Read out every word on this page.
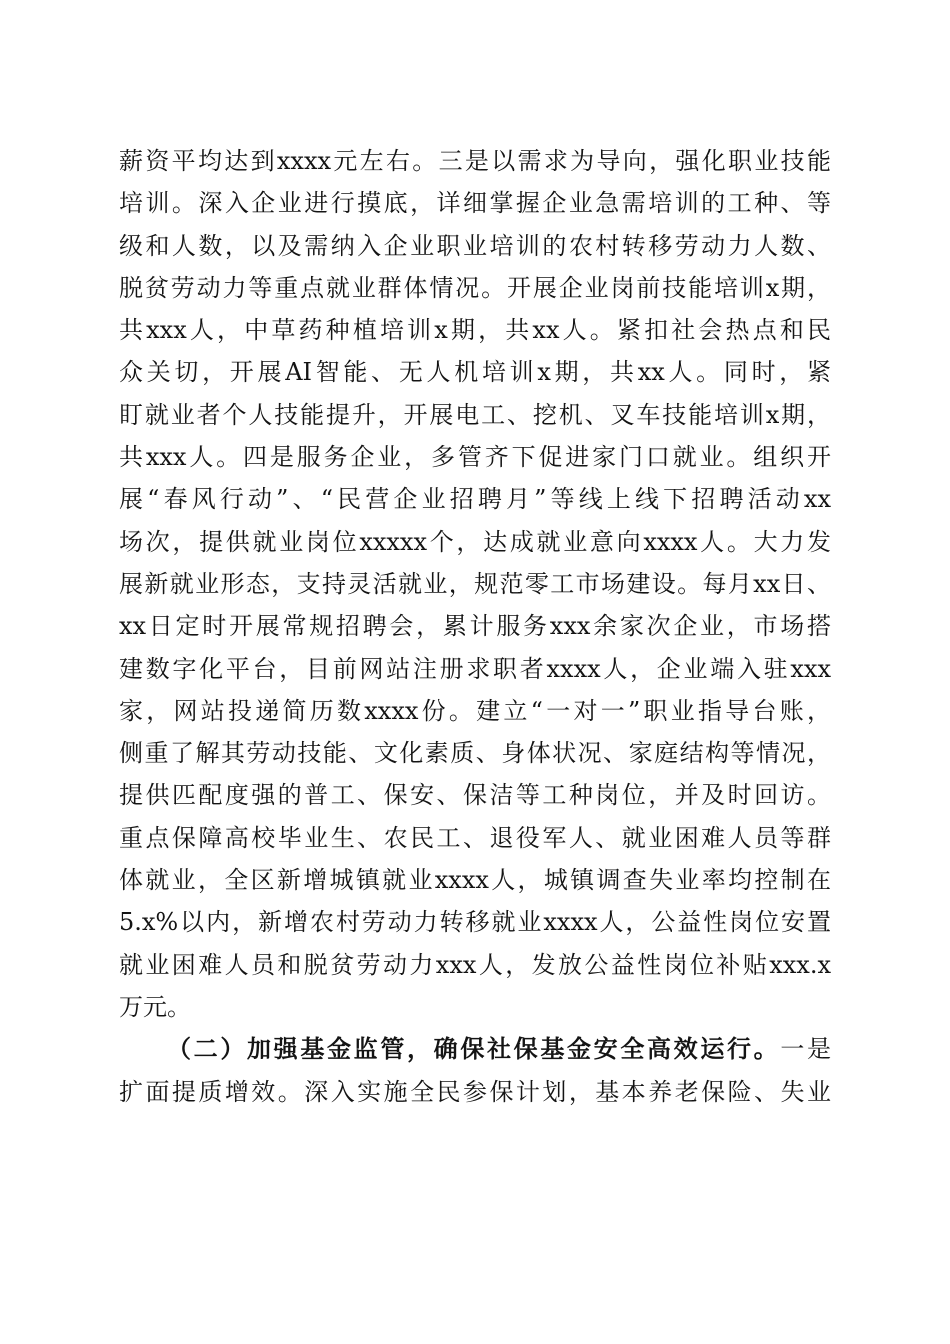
薪资平均达到xxxx元左右。三是以需求为导向，强化职业技能
培训。深入企业进行摸底，详细掌握企业急需培训的工种、等
级和人数，以及需纳入企业职业培训的农村转移劳动力人数、
脱贫劳动力等重点就业群体情况。开展企业岗前技能培训x期，
共xxx人，中草药种植培训x期，共xx人。紧扣社会热点和民
众关切，开展AI智能、无人机培训x期，共xx人。同时，紧
盯就业者个人技能提升，开展电工、挖机、叉车技能培训x期，
共xxx人。四是服务企业，多管齐下促进家门口就业。组织开
展“春风行动”、“民营企业招聘月”等线上线下招聘活动xx
场次，提供就业岗位xxxxx个，达成就业意向xxxx人。大力发
展新就业形态，支持灵活就业，规范零工市场建设。每月xx日、
xx日定时开展常规招聘会，累计服务xxx余家次企业，市场搭
建数字化平台，目前网站注册求职者xxxx人，企业端入驻xxx
家，网站投递简历数xxxx份。建立“一对一”职业指导台账，
侧重了解其劳动技能、文化素质、身体状况、家庭结构等情况，
提供匹配度强的普工、保安、保洁等工种岗位，并及时回访。
重点保障高校毕业生、农民工、退役军人、就业困难人员等群
体就业，全区新增城镇就业xxxx人，城镇调查失业率均控制在
5.x%以内，新增农村劳动力转移就业xxxx人，公益性岗位安置
就业困难人员和脱贫劳动力xxx人，发放公益性岗位补贴xxx.x
万元。
（二）加强基金监管，确保社保基金安全高效运行。一是
扩面提质增效。深入实施全民参保计划，基本养老保险、失业
